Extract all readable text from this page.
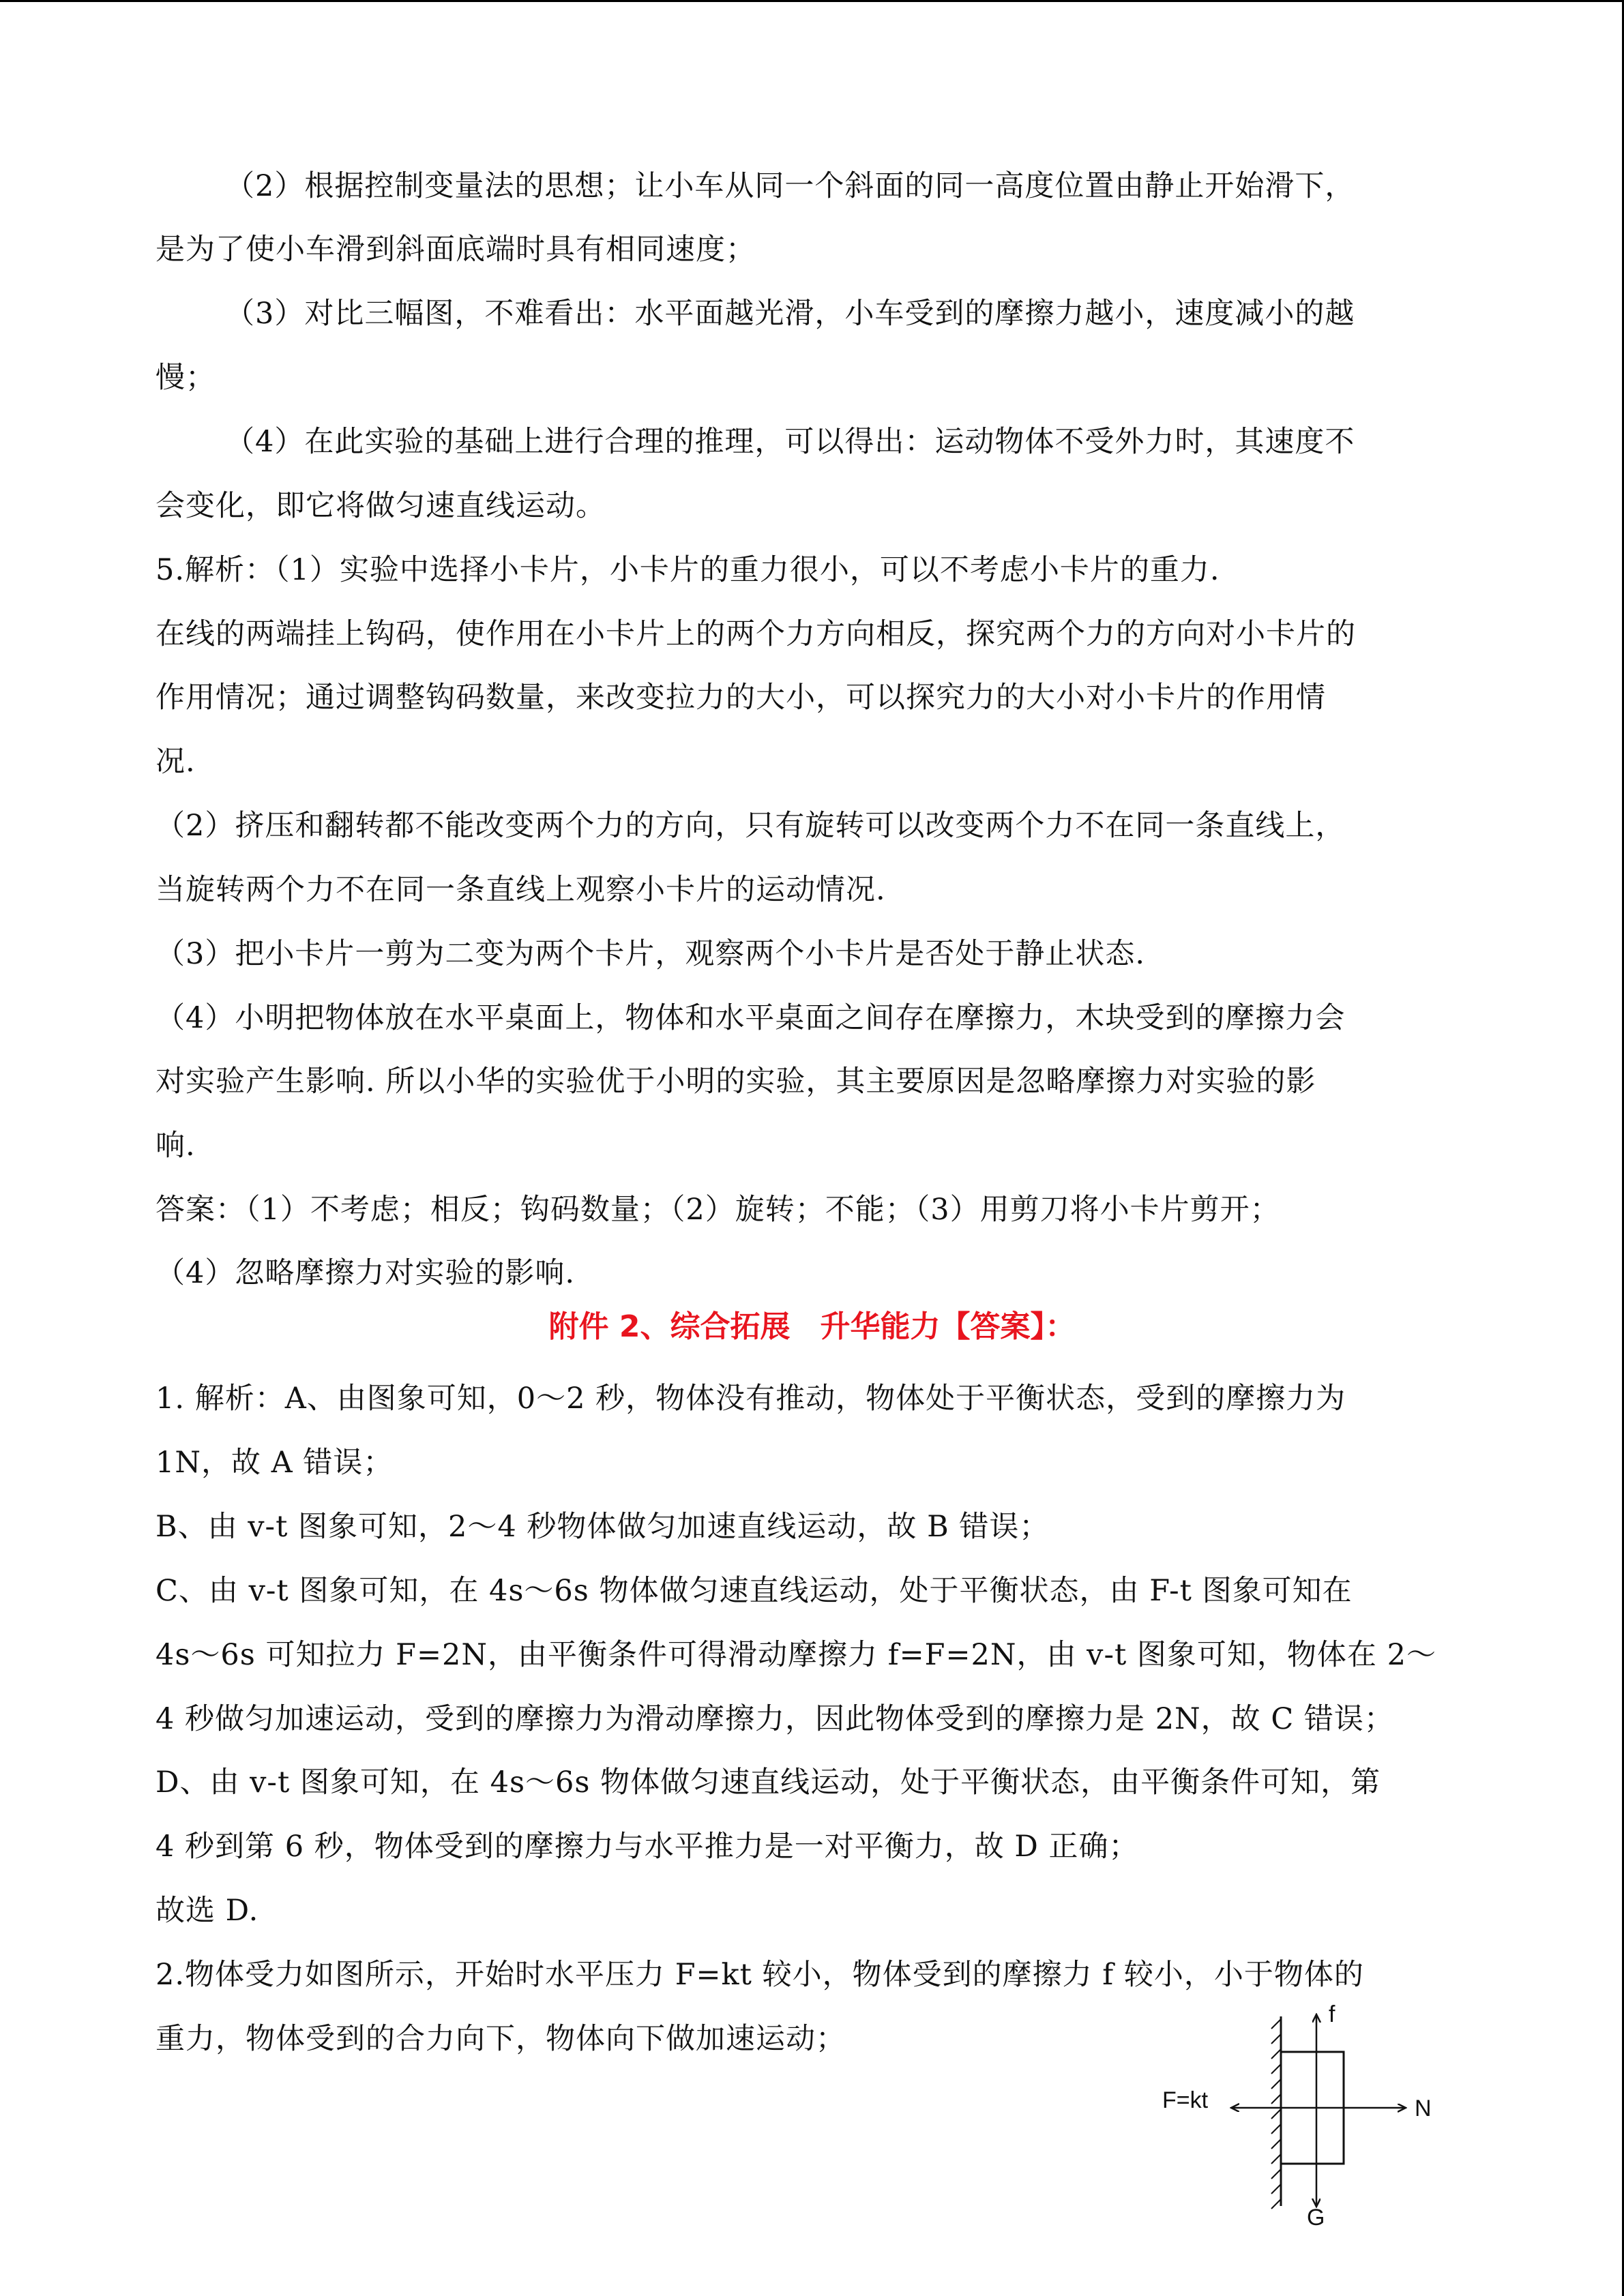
（2）根据控制变量法的思想；让小车从同一个斜面的同一高度位置由静止开始滑下，
是为了使小车滑到斜面底端时具有相同速度；
（3）对比三幅图，不难看出：水平面越光滑，小车受到的摩擦力越小，速度减小的越
慢；
（4）在此实验的基础上进行合理的推理，可以得出：运动物体不受外力时，其速度不
会变化，即它将做匀速直线运动。
5.解析：（1）实验中选择小卡片，小卡片的重力很小，可以不考虑小卡片的重力.
在线的两端挂上钩码，使作用在小卡片上的两个力方向相反，探究两个力的方向对小卡片的
作用情况；通过调整钩码数量，来改变拉力的大小，可以探究力的大小对小卡片的作用情
况.
（2）挤压和翻转都不能改变两个力的方向，只有旋转可以改变两个力不在同一条直线上，
当旋转两个力不在同一条直线上观察小卡片的运动情况.
（3）把小卡片一剪为二变为两个卡片，观察两个小卡片是否处于静止状态.
（4）小明把物体放在水平桌面上，物体和水平桌面之间存在摩擦力，木块受到的摩擦力会
对实验产生影响. 所以小华的实验优于小明的实验，其主要原因是忽略摩擦力对实验的影
响.
答案：（1）不考虑；相反；钩码数量；（2）旋转；不能；（3）用剪刀将小卡片剪开；
（4）忽略摩擦力对实验的影响.
附件 2、综合拓展　升华能力【答案】：
1. 解析：A、由图象可知，0～2 秒，物体没有推动，物体处于平衡状态，受到的摩擦力为
1N，故 A 错误；
B、由 v-t 图象可知，2～4 秒物体做匀加速直线运动，故 B 错误；
C、由 v-t 图象可知，在 4s～6s 物体做匀速直线运动，处于平衡状态，由 F-t 图象可知在
4s～6s 可知拉力 F=2N，由平衡条件可得滑动摩擦力 f=F=2N，由 v-t 图象可知，物体在 2～
4 秒做匀加速运动，受到的摩擦力为滑动摩擦力，因此物体受到的摩擦力是 2N，故 C 错误；
D、由 v-t 图象可知，在 4s～6s 物体做匀速直线运动，处于平衡状态，由平衡条件可知，第
4 秒到第 6 秒，物体受到的摩擦力与水平推力是一对平衡力，故 D 正确；
故选 D.
2.物体受力如图所示，开始时水平压力 F=kt 较小，物体受到的摩擦力 f 较小，小于物体的
重力，物体受到的合力向下，物体向下做加速运动；
f
F=kt	N
G
